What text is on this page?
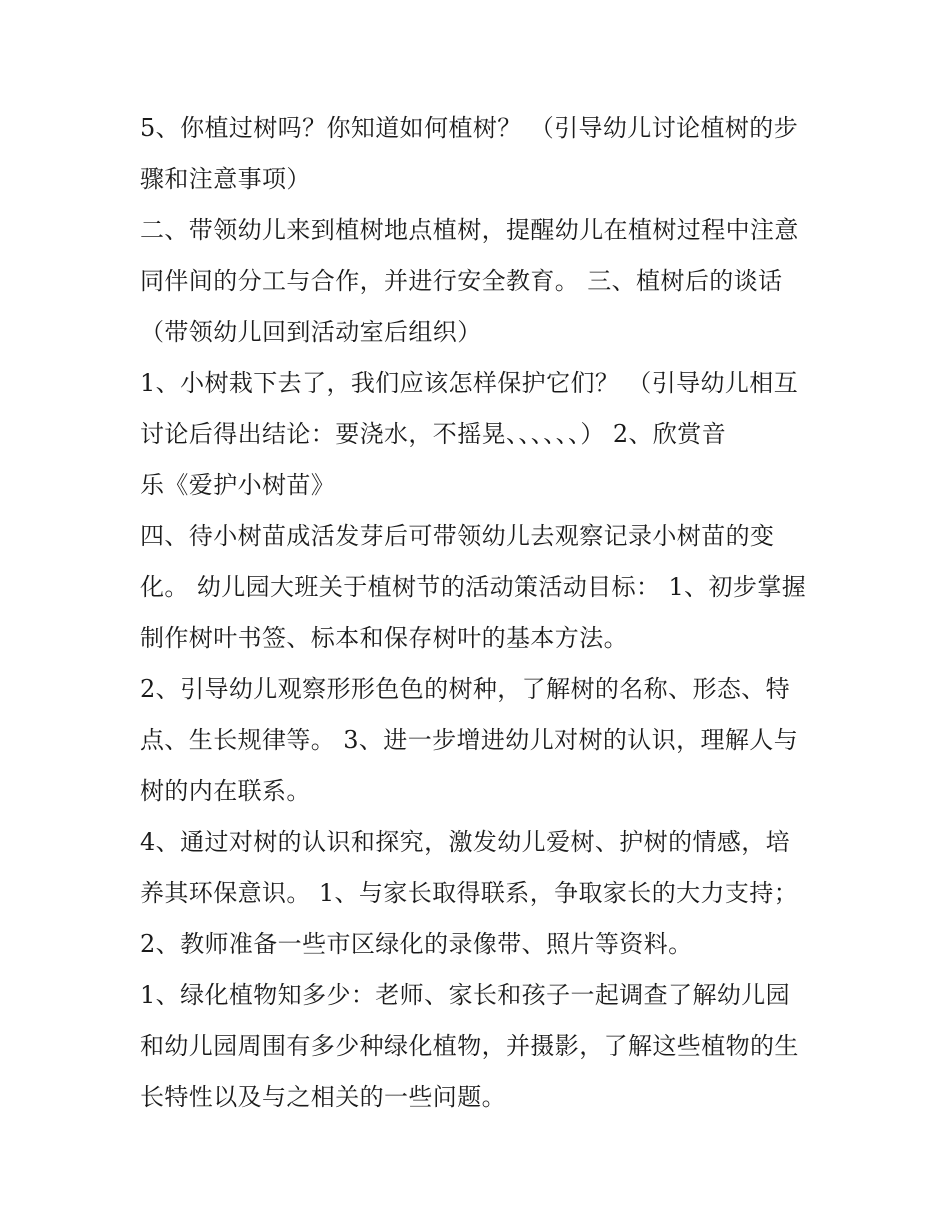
5、你植过树吗？你知道如何植树？ （引导幼儿讨论植树的步
骤和注意事项）

二、带领幼儿来到植树地点植树，提醒幼儿在植树过程中注意
同伴间的分工与合作，并进行安全教育。 三、植树后的谈话
（带领幼儿回到活动室后组织）

1、小树栽下去了，我们应该怎样保护它们？ （引导幼儿相互
讨论后得出结论：要浇水，不摇晃、、、、、、） 2、欣赏音
乐《爱护小树苗》

四、待小树苗成活发芽后可带领幼儿去观察记录小树苗的变
化。 幼儿园大班关于植树节的活动策活动目标： 1、初步掌握
制作树叶书签、标本和保存树叶的基本方法。

2、引导幼儿观察形形色色的树种，了解树的名称、形态、特
点、生长规律等。 3、进一步增进幼儿对树的认识，理解人与
树的内在联系。

4、通过对树的认识和探究，激发幼儿爱树、护树的情感，培
养其环保意识。 1、与家长取得联系，争取家长的大力支持；

2、教师准备一些市区绿化的录像带、照片等资料。

1、绿化植物知多少：老师、家长和孩子一起调查了解幼儿园
和幼儿园周围有多少种绿化植物，并摄影，了解这些植物的生
长特性以及与之相关的一些问题。
